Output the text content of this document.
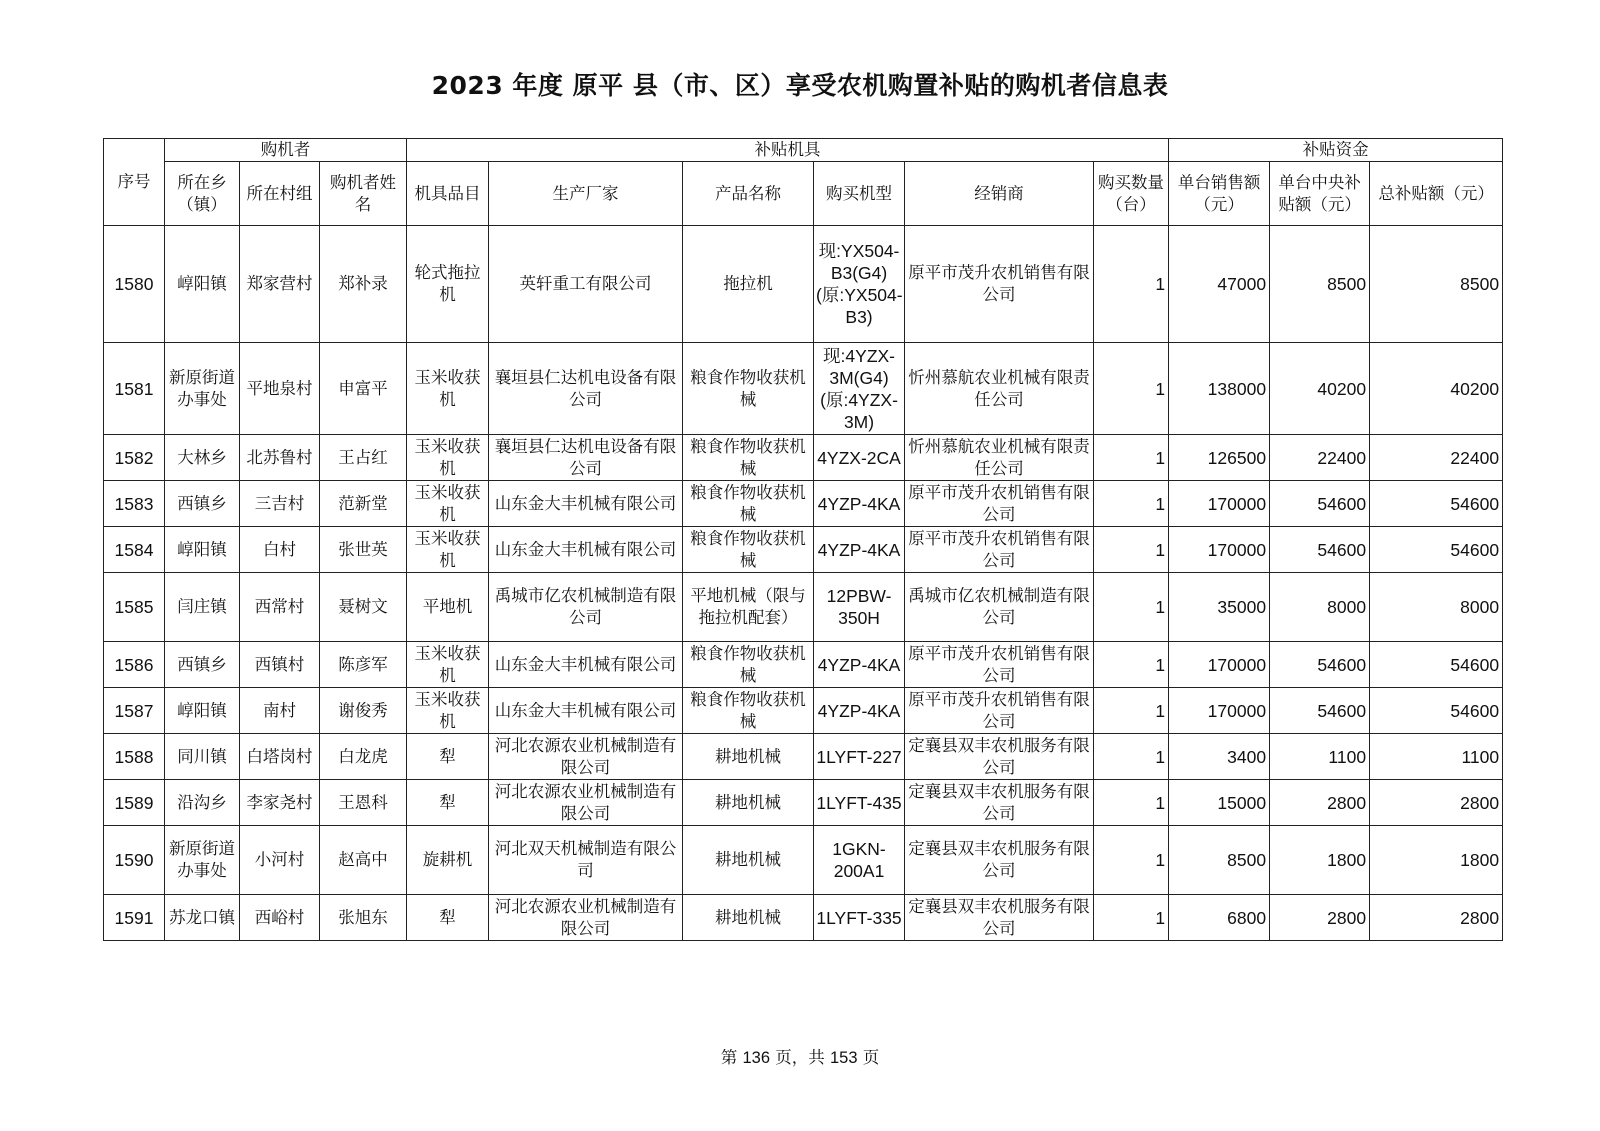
2023 年度 原平 县（市、区）享受农机购置补贴的购机者信息表
序号	购机者			补贴机具						补贴资金		
	所在乡（镇）	所在村组	购机者姓名	机具品目	生产厂家	产品名称	购买机型	经销商	购买数量（台）	单台销售额（元）	单台中央补贴额（元）	总补贴额（元）
1580	崞阳镇	郑家营村	郑补录	轮式拖拉机	英轩重工有限公司	拖拉机	现:YX504-B3(G4)(原:YX504-B3)	原平市茂升农机销售有限公司	1	47000	8500	8500
1581	新原街道办事处	平地泉村	申富平	玉米收获机	襄垣县仁达机电设备有限公司	粮食作物收获机械	现:4YZX-3M(G4)(原:4YZX-3M)	忻州慕航农业机械有限责任公司	1	138000	40200	40200
1582	大林乡	北苏鲁村	王占红	玉米收获机	襄垣县仁达机电设备有限公司	粮食作物收获机械	4YZX-2CA	忻州慕航农业机械有限责任公司	1	126500	22400	22400
1583	西镇乡	三吉村	范新堂	玉米收获机	山东金大丰机械有限公司	粮食作物收获机械	4YZP-4KA	原平市茂升农机销售有限公司	1	170000	54600	54600
1584	崞阳镇	白村	张世英	玉米收获机	山东金大丰机械有限公司	粮食作物收获机械	4YZP-4KA	原平市茂升农机销售有限公司	1	170000	54600	54600
1585	闫庄镇	西常村	聂树文	平地机	禹城市亿农机械制造有限公司	平地机械（限与拖拉机配套）	12PBW-350H	禹城市亿农机械制造有限公司	1	35000	8000	8000
1586	西镇乡	西镇村	陈彦军	玉米收获机	山东金大丰机械有限公司	粮食作物收获机械	4YZP-4KA	原平市茂升农机销售有限公司	1	170000	54600	54600
1587	崞阳镇	南村	谢俊秀	玉米收获机	山东金大丰机械有限公司	粮食作物收获机械	4YZP-4KA	原平市茂升农机销售有限公司	1	170000	54600	54600
1588	同川镇	白塔岗村	白龙虎	犁	河北农源农业机械制造有限公司	耕地机械	1LYFT-227	定襄县双丰农机服务有限公司	1	3400	1100	1100
1589	沿沟乡	李家尧村	王恩科	犁	河北农源农业机械制造有限公司	耕地机械	1LYFT-435	定襄县双丰农机服务有限公司	1	15000	2800	2800
1590	新原街道办事处	小河村	赵高中	旋耕机	河北双天机械制造有限公司	耕地机械	1GKN-200A1	定襄县双丰农机服务有限公司	1	8500	1800	1800
1591	苏龙口镇	西峪村	张旭东	犁	河北农源农业机械制造有限公司	耕地机械	1LYFT-335	定襄县双丰农机服务有限公司	1	6800	2800	2800
第 136 页，共 153 页
